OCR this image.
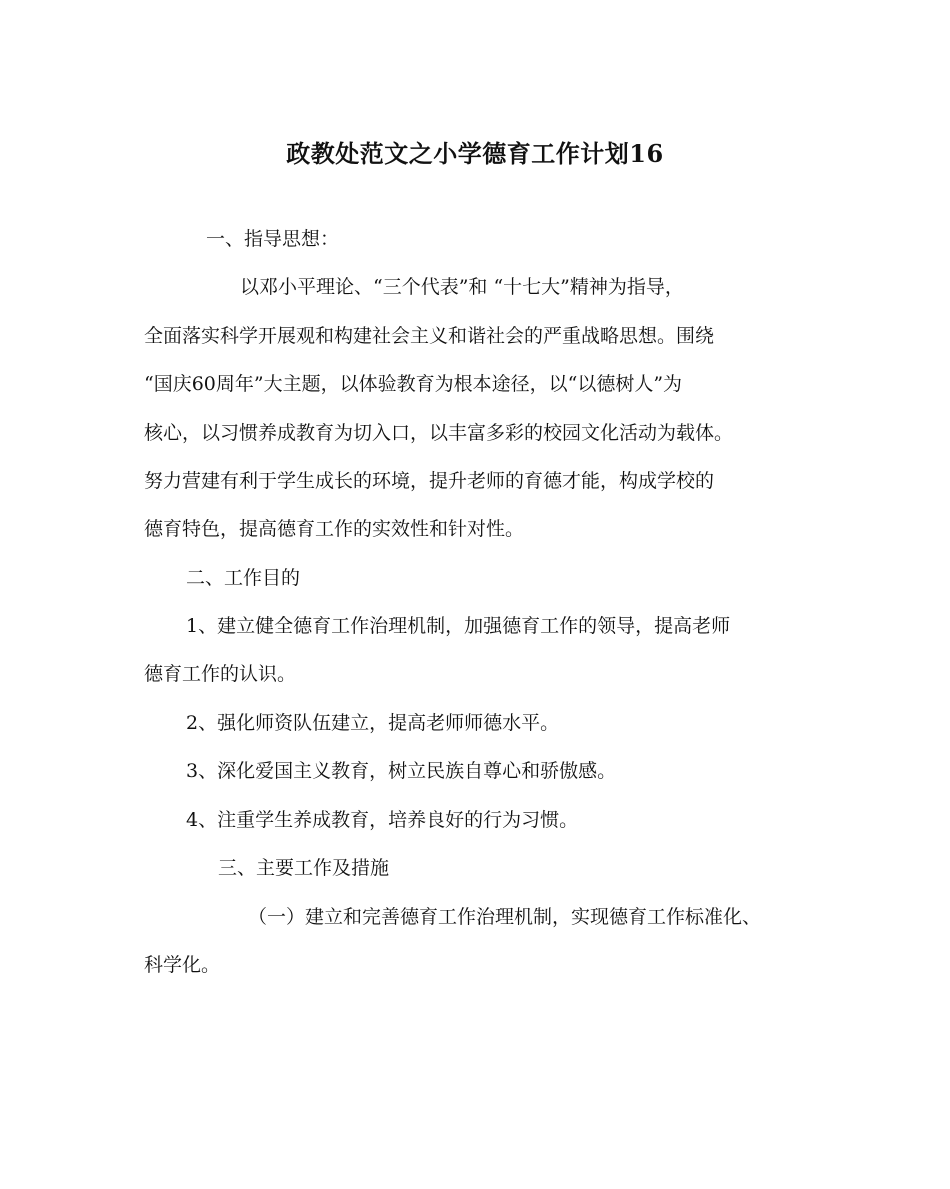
政教处范文之小学德育工作计划16
一、指导思想：
以邓小平理论、“三个代表”和 “十七大”精神为指导，
全面落实科学开展观和构建社会主义和谐社会的严重战略思想。围绕
“国庆60周年”大主题，以体验教育为根本途径，以“以德树人”为
核心，以习惯养成教育为切入口，以丰富多彩的校园文化活动为载体。
努力营建有利于学生成长的环境，提升老师的育德才能，构成学校的
德育特色，提高德育工作的实效性和针对性。
二、工作目的
1、建立健全德育工作治理机制，加强德育工作的领导，提高老师
德育工作的认识。
2、强化师资队伍建立，提高老师师德水平。
3、深化爱国主义教育，树立民族自尊心和骄傲感。
4、注重学生养成教育，培养良好的行为习惯。
三、主要工作及措施
（一）建立和完善德育工作治理机制，实现德育工作标准化、
科学化。
